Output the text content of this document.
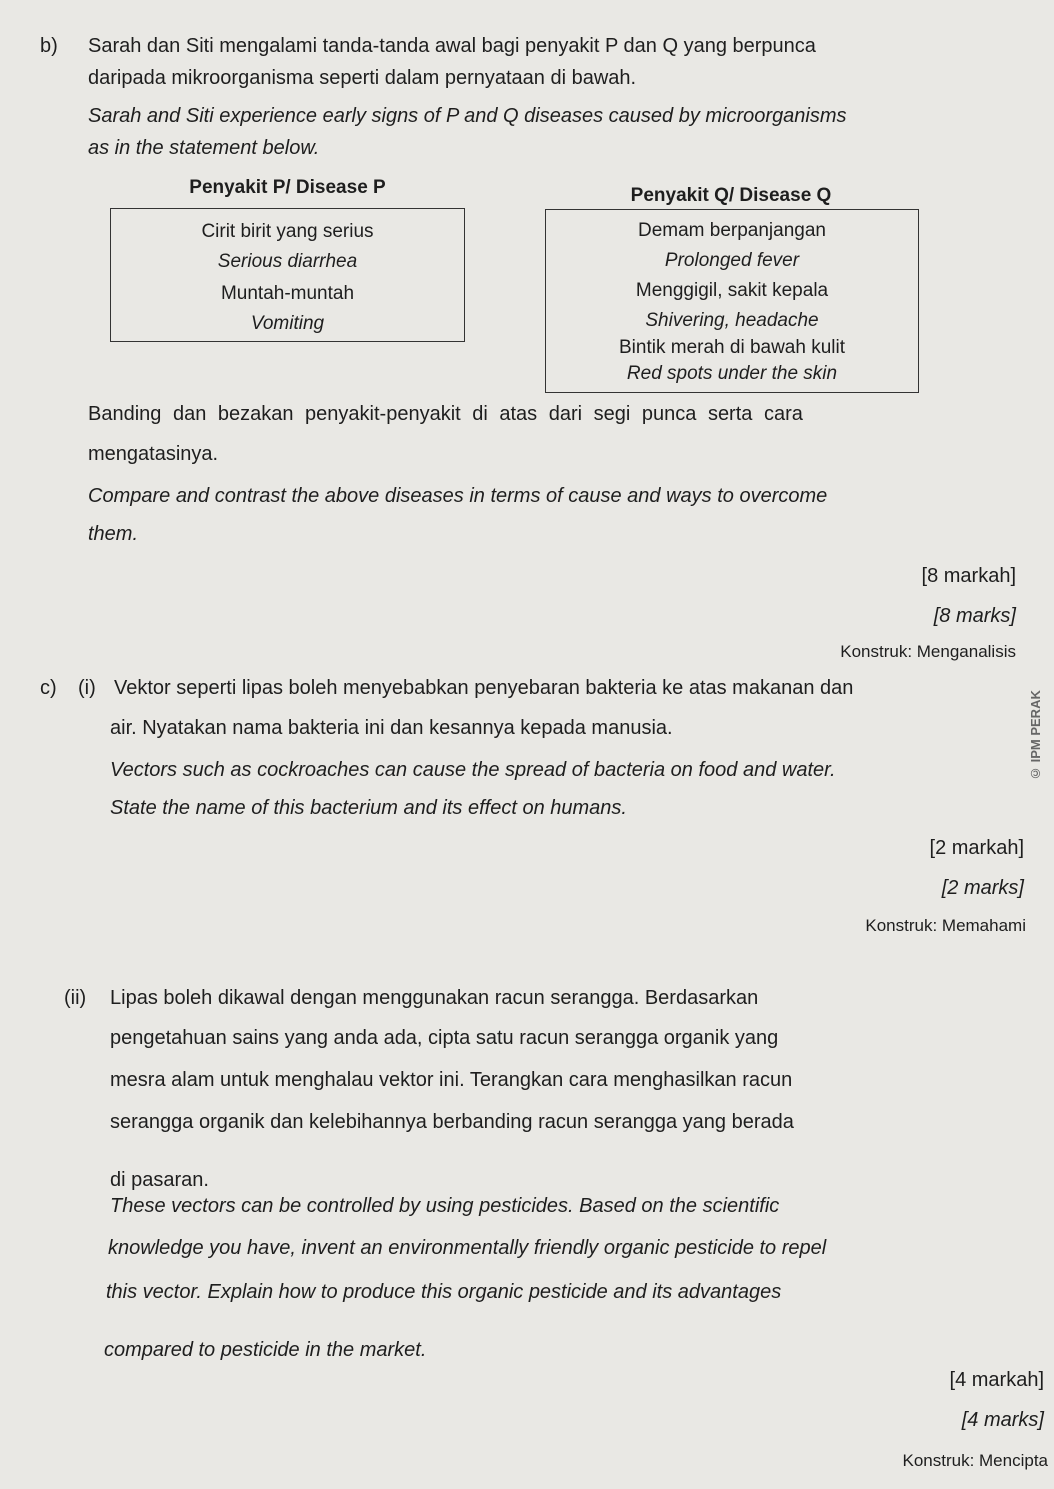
b) Sarah dan Siti mengalami tanda-tanda awal bagi penyakit P dan Q yang berpunca
daripada mikroorganisma seperti dalam pernyataan di bawah.
Sarah and Siti experience early signs of P and Q diseases caused by microorganisms
as in the statement below.
Penyakit P/ Disease P	Penyakit Q/ Disease Q
Cirit birit yang serius
Serious diarrhea
Muntah-muntah
Vomiting
Demam berpanjangan
Prolonged fever
Menggigil, sakit kepala
Shivering, headache
Bintik merah di bawah kulit
Red spots under the skin
Banding dan bezakan penyakit-penyakit di atas dari segi punca serta cara
mengatasinya.
Compare and contrast the above diseases in terms of cause and ways to overcome
them.
[8 markah]
[8 marks]
Konstruk: Menganalisis
c) (i) Vektor seperti lipas boleh menyebabkan penyebaran bakteria ke atas makanan dan
air. Nyatakan nama bakteria ini dan kesannya kepada manusia.
Vectors such as cockroaches can cause the spread of bacteria on food and water.
State the name of this bacterium and its effect on humans.
[2 markah]
[2 marks]
Konstruk: Memahami
(ii) Lipas boleh dikawal dengan menggunakan racun serangga. Berdasarkan
pengetahuan sains yang anda ada, cipta satu racun serangga organik yang
mesra alam untuk menghalau vektor ini. Terangkan cara menghasilkan racun
serangga organik dan kelebihannya berbanding racun serangga yang berada
di pasaran.
These vectors can be controlled by using pesticides. Based on the scientific
knowledge you have, invent an environmentally friendly organic pesticide to repel
this vector. Explain how to produce this organic pesticide and its advantages
compared to pesticide in the market.
[4 markah]
[4 marks]
Konstruk: Mencipta
© IPM PERAK
